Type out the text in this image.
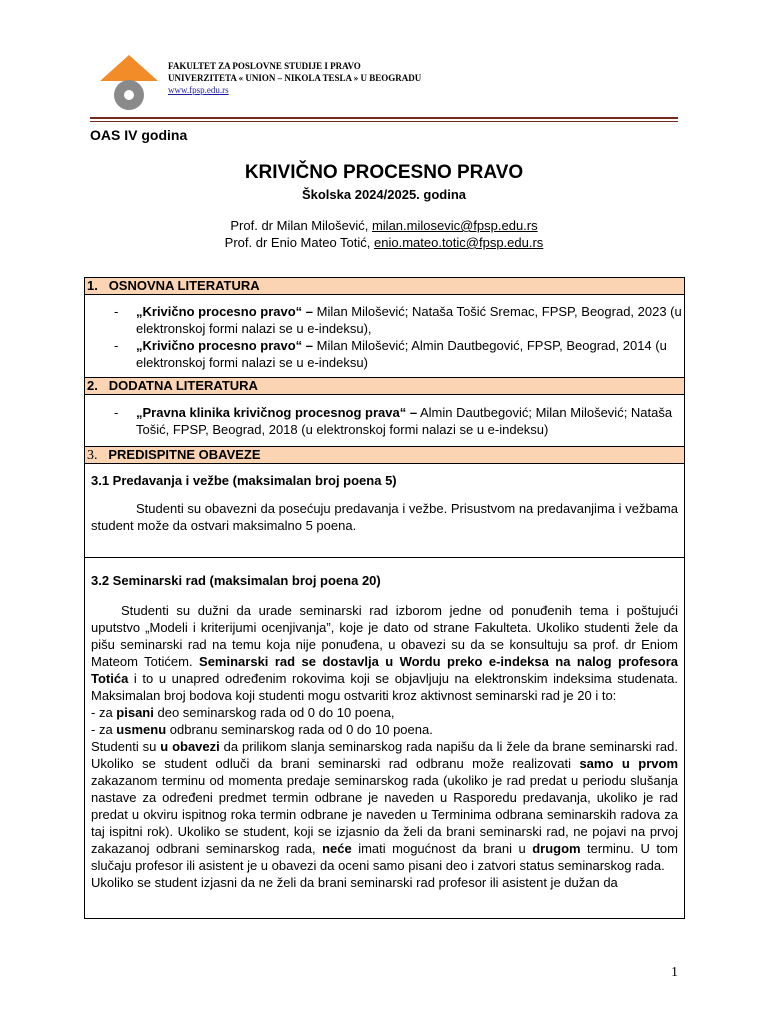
FAKULTET ZA POSLOVNE STUDIJE I PRAVO
UNIVERZITETA « UNION – NIKOLA TESLA » U BEOGRADU
www.fpsp.edu.rs
OAS IV godina
KRIVIČNO PROCESNO PRAVO
Školska 2024/2025. godina
Prof. dr Milan Milošević, milan.milosevic@fpsp.edu.rs
Prof. dr Enio Mateo Totić, enio.mateo.totic@fpsp.edu.rs
1. OSNOVNA LITERATURA
- „Krivično procesno pravo“ – Milan Milošević; Nataša Tošić Sremac, FPSP, Beograd, 2023 (u elektronskoj formi nalazi se u e-indeksu),
- „Krivično procesno pravo“ – Milan Milošević; Almin Dautbegović, FPSP, Beograd, 2014 (u elektronskoj formi nalazi se u e-indeksu)
2. DODATNA LITERATURA
- „Pravna klinika krivičnog procesnog prava“ – Almin Dautbegović; Milan Milošević; Nataša Tošić, FPSP, Beograd, 2018 (u elektronskoj formi nalazi se u e-indeksu)
3. PREDISPITNE OBAVEZE
3.1 Predavanja i vežbe (maksimalan broj poena 5)
Studenti su obavezni da posećuju predavanja i vežbe. Prisustvom na predavanjima i vežbama student može da ostvari maksimalno 5 poena.
3.2 Seminarski rad (maksimalan broj poena 20)
Studenti su dužni da urade seminarski rad izborom jedne od ponuđenih tema i poštujući uputstvo „Modeli i kriterijumi ocenjivanja”, koje je dato od strane Fakulteta. Ukoliko studenti žele da pišu seminarski rad na temu koja nije ponuđena, u obavezi su da se konsultuju sa prof. dr Eniom Mateom Totićem. Seminarski rad se dostavlja u Wordu preko e-indeksa na nalog profesora Totića i to u unapred određenim rokovima koji se objavljuju na elektronskim indeksima studenata. Maksimalan broj bodova koji studenti mogu ostvariti kroz aktivnost seminarski rad je 20 i to:
- za pisani deo seminarskog rada od 0 do 10 poena,
- za usmenu odbranu seminarskog rada od 0 do 10 poena.
Studenti su u obavezi da prilikom slanja seminarskog rada napišu da li žele da brane seminarski rad. Ukoliko se student odluči da brani seminarski rad odbranu može realizovati samo u prvom zakazanom terminu od momenta predaje seminarskog rada (ukoliko je rad predat u periodu slušanja nastave za određeni predmet termin odbrane je naveden u Rasporedu predavanja, ukoliko je rad predat u okviru ispitnog roka termin odbrane je naveden u Terminima odbrana seminarskih radova za taj ispitni rok). Ukoliko se student, koji se izjasnio da želi da brani seminarski rad, ne pojavi na prvoj zakazanoj odbrani seminarskog rada, neće imati mogućnost da brani u drugom terminu. U tom slučaju profesor ili asistent je u obavezi da oceni samo pisani deo i zatvori status seminarskog rada.
Ukoliko se student izjasni da ne želi da brani seminarski rad profesor ili asistent je dužan da
1
